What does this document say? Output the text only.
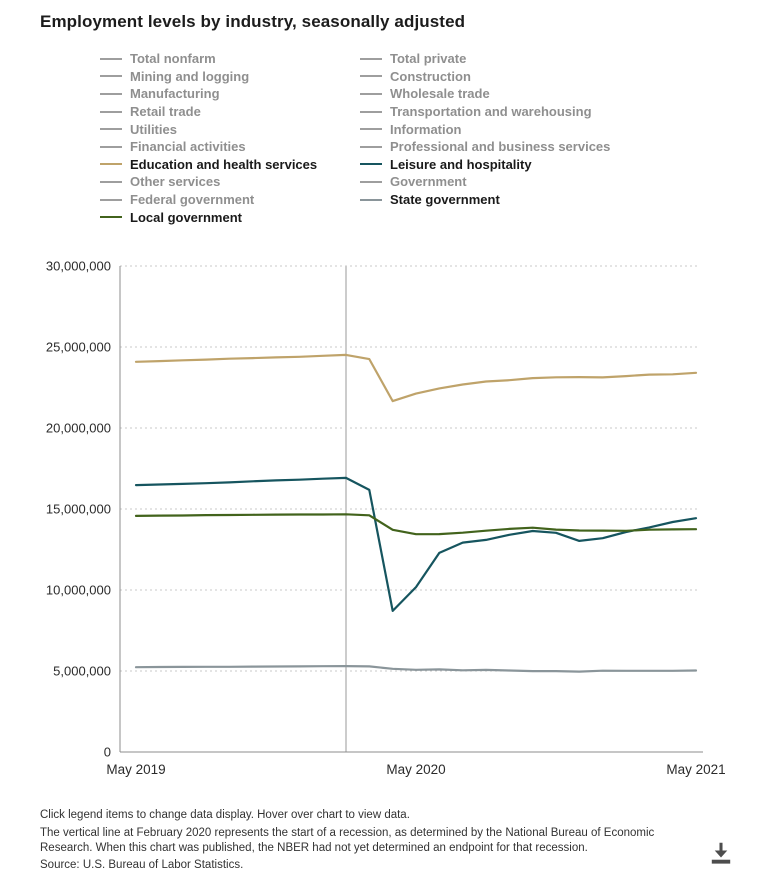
Employment levels by industry, seasonally adjusted
Total nonfarm
Mining and logging
Manufacturing
Retail trade
Utilities
Financial activities
Education and health services
Other services
Federal government
Local government
Total private
Construction
Wholesale trade
Transportation and warehousing
Information
Professional and business services
Leisure and hospitality
Government
State government
0
5,000,000
10,000,000
15,000,000
20,000,000
25,000,000
30,000,000
May 2019	May 2020	May 2021

Click legend items to change data display. Hover over chart to view data.

The vertical line at February 2020 represents the start of a recession, as determined by the National Bureau of Economic Research. When this chart was published, the NBER had not yet determined an endpoint for that recession.

Source: U.S. Bureau of Labor Statistics.
